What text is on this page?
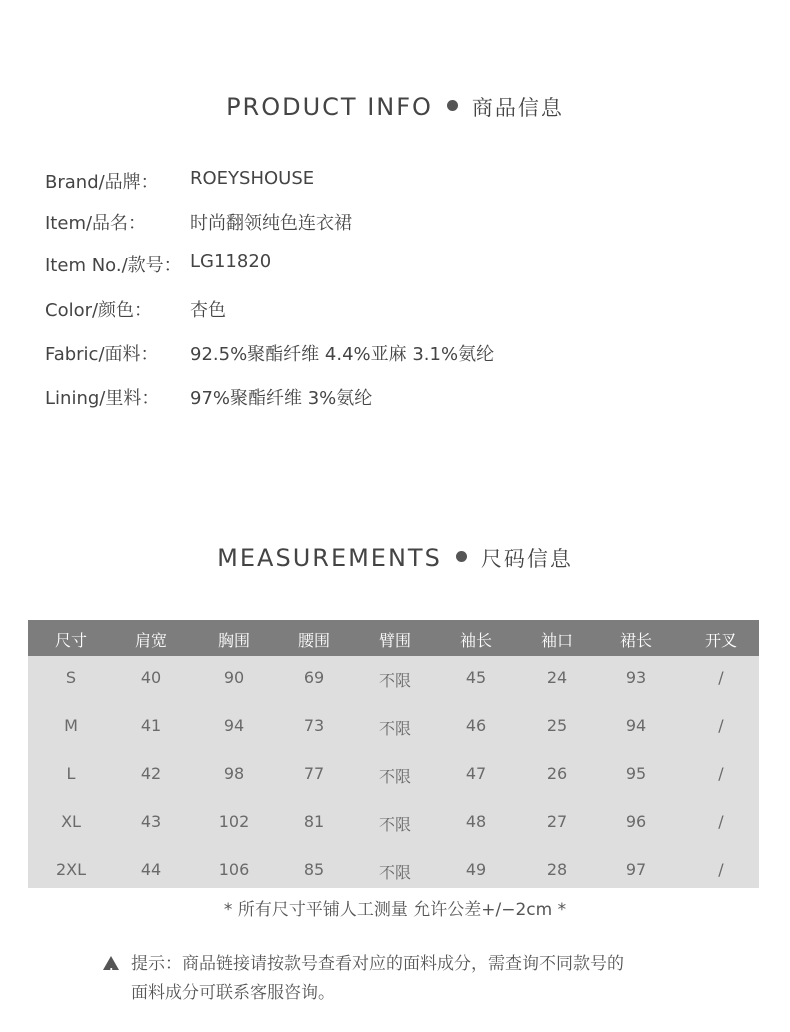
PRODUCT INFO 商品信息
Brand/品牌： ROEYSHOUSE
Item/品名： 时尚翻领纯色连衣裙
Item No./款号： LG11820
Color/颜色： 杏色
Fabric/面料： 92.5%聚酯纤维 4.4%亚麻 3.1%氨纶
Lining/里料： 97%聚酯纤维 3%氨纶
MEASUREMENTS 尺码信息
尺寸	肩宽	胸围	腰围	臂围	袖长	袖口	裙长	开叉
S	40	90	69	不限	45	24	93	/
M	41	94	73	不限	46	25	94	/
L	42	98	77	不限	47	26	95	/
XL	43	102	81	不限	48	27	96	/
2XL	44	106	85	不限	49	28	97	/
* 所有尺寸平铺人工测量 允许公差+/−2cm *
!提示：商品链接请按款号查看对应的面料成分，需查询不同款号的
面料成分可联系客服咨询。
